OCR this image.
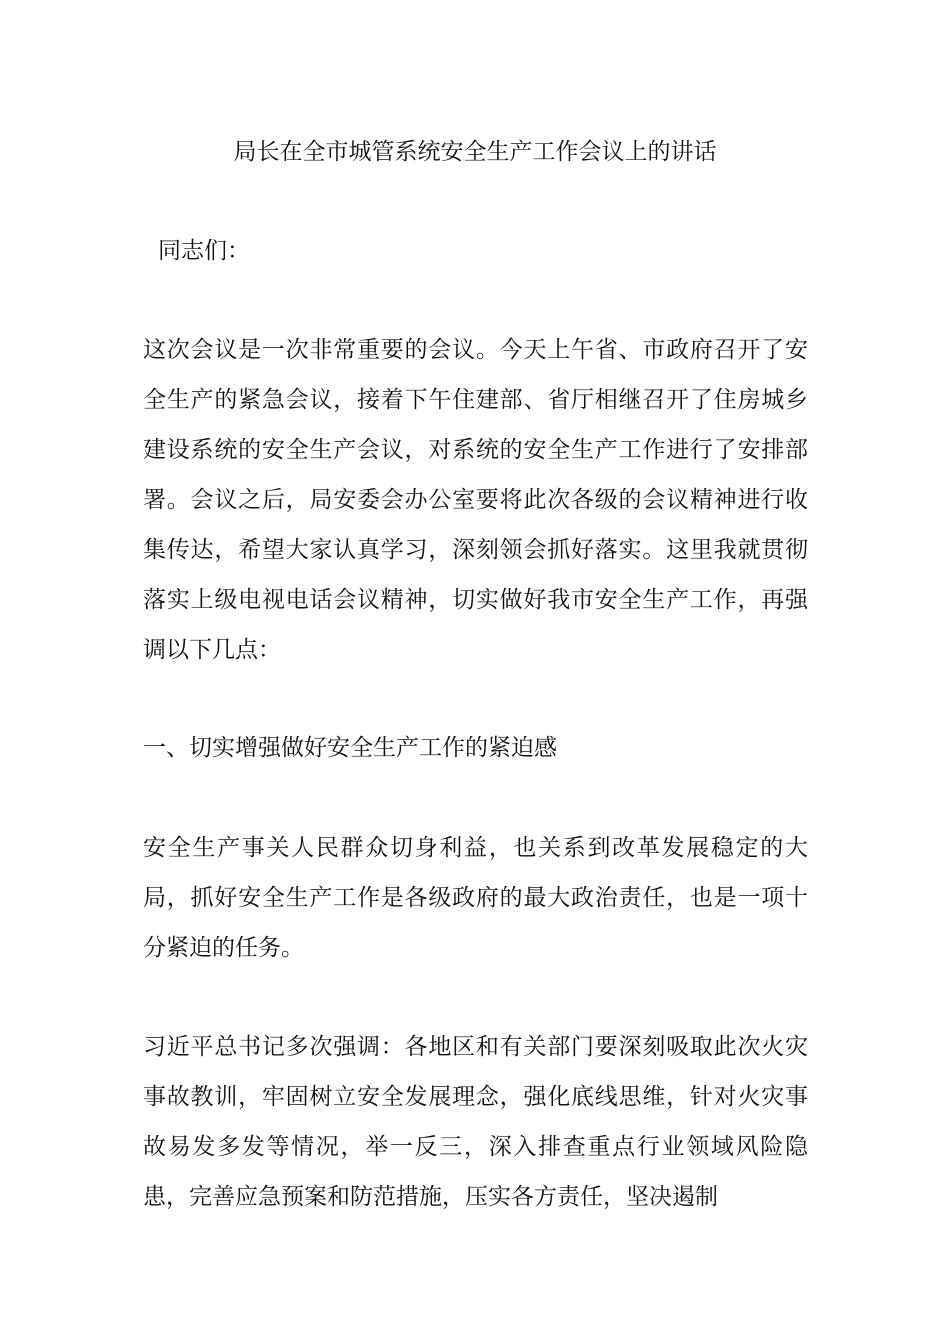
局长在全市城管系统安全生产工作会议上的讲话
同志们：

这次会议是一次非常重要的会议。今天上午省、市政府召开了安全生产的紧急会议，接着下午住建部、省厅相继召开了住房城乡建设系统的安全生产会议，对系统的安全生产工作进行了安排部署。会议之后，局安委会办公室要将此次各级的会议精神进行收集传达，希望大家认真学习，深刻领会抓好落实。这里我就贯彻落实上级电视电话会议精神，切实做好我市安全生产工作，再强调以下几点：

一、切实增强做好安全生产工作的紧迫感

安全生产事关人民群众切身利益，也关系到改革发展稳定的大局，抓好安全生产工作是各级政府的最大政治责任，也是一项十分紧迫的任务。

习近平总书记多次强调：各地区和有关部门要深刻吸取此次火灾事故教训，牢固树立安全发展理念，强化底线思维，针对火灾事故易发多发等情况，举一反三，深入排查重点行业领域风险隐患，完善应急预案和防范措施，压实各方责任，坚决遏制
